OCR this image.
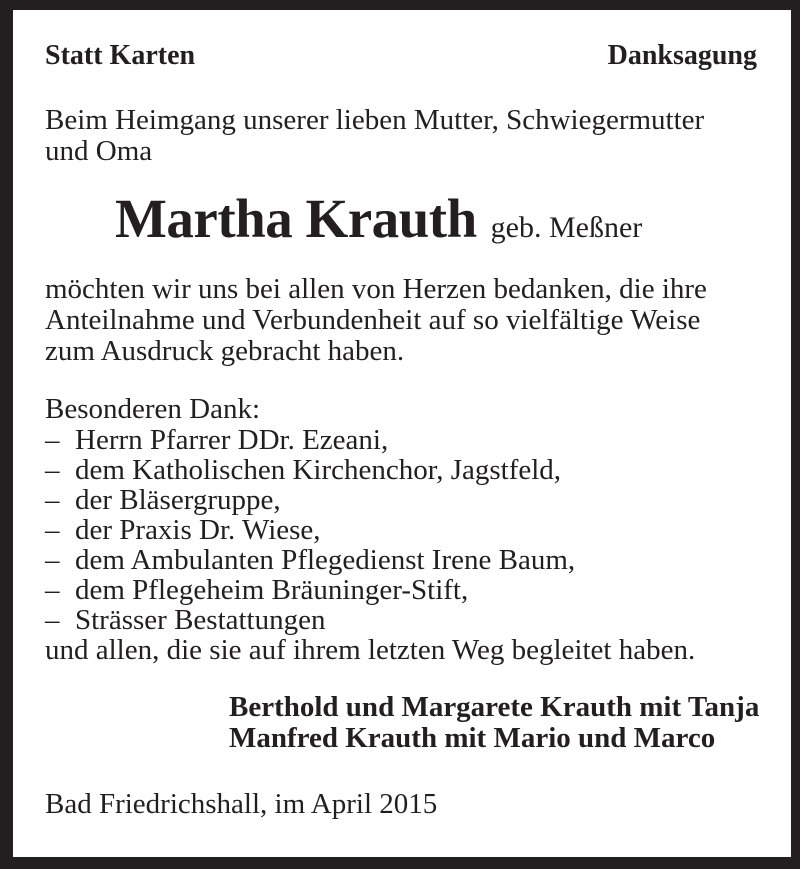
Statt Karten	Danksagung
Beim Heimgang unserer lieben Mutter, Schwiegermutter
und Oma
Martha Krauth geb. Meßner
möchten wir uns bei allen von Herzen bedanken, die ihre
Anteilnahme und Verbundenheit auf so vielfältige Weise
zum Ausdruck gebracht haben.
Besonderen Dank:
– Herrn Pfarrer DDr. Ezeani,
– dem Katholischen Kirchenchor, Jagstfeld,
– der Bläsergruppe,
– der Praxis Dr. Wiese,
– dem Ambulanten Pflegedienst Irene Baum,
– dem Pflegeheim Bräuninger-Stift,
– Strässer Bestattungen
und allen, die sie auf ihrem letzten Weg begleitet haben.
Berthold und Margarete Krauth mit Tanja
Manfred Krauth mit Mario und Marco
Bad Friedrichshall, im April 2015
